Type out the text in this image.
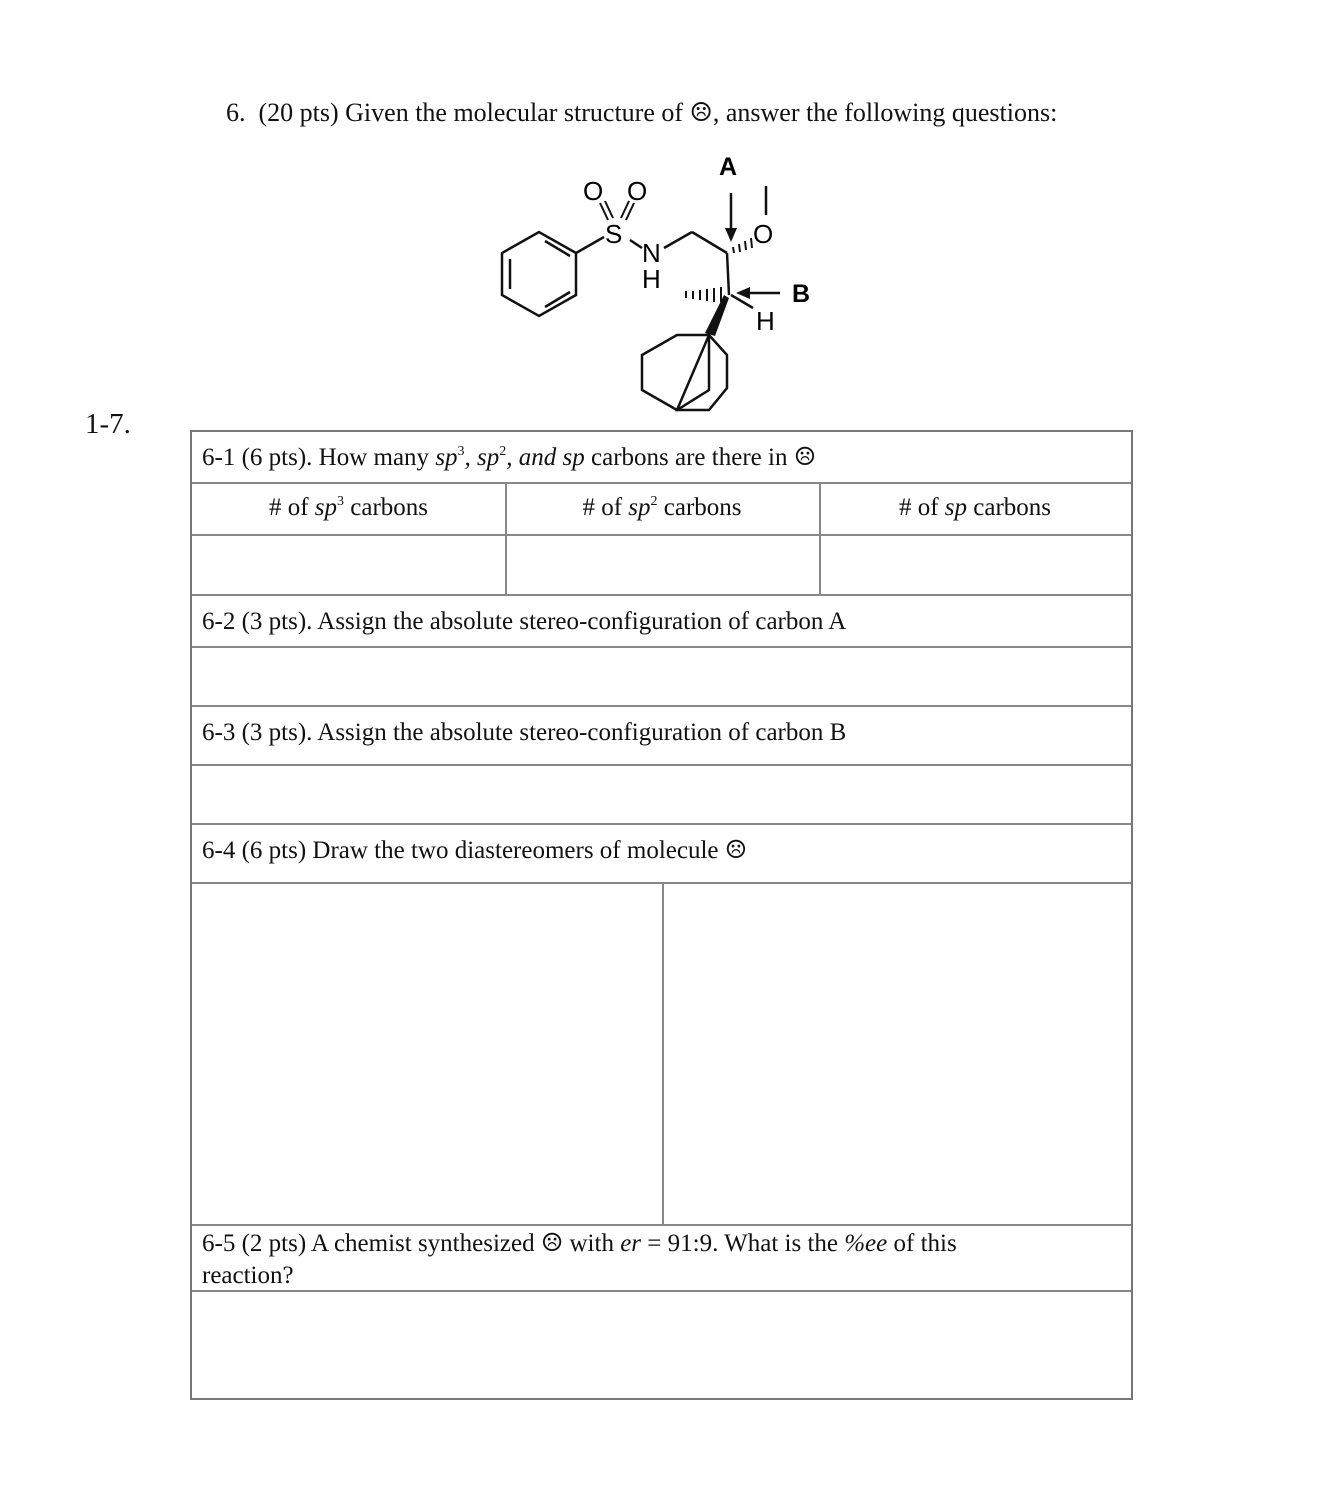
1-7.
6. (20 pts) Given the molecular structure of ☹, answer the following questions:
S
O O
N
H
O
A
H
B
6-1 (6 pts). How many $sp^3$, $sp^2$, and sp carbons are there in ☹
# of $sp^3$ carbons	# of $sp^2$ carbons	# of sp carbons
6-2 (3 pts). Assign the absolute stereo-configuration of carbon A
6-3 (3 pts). Assign the absolute stereo-configuration of carbon B
6-4 (6 pts) Draw the two diastereomers of molecule ☹
6-5 (2 pts) A chemist synthesized ☹ with er = 91:9. What is the %ee of this
reaction?
